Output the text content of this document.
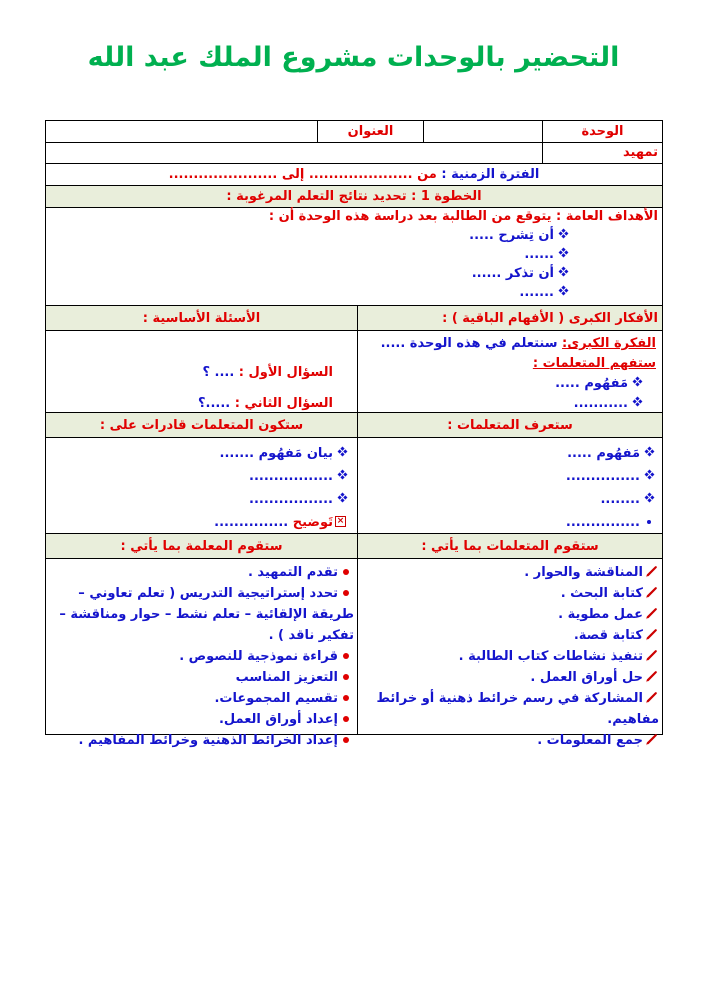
التحضير بالوحدات مشروع الملك عبد الله
الوحدة
العنوان
تمهيد
الفترة الزمنية : من ..................... إلى ......................
الخطوة 1 : تحديد نتائج التعلم المرغوبة :
الأهداف العامة : يتوقع من الطالبة بعد دراسة هذه الوحدة أن :
أن تِشرح .....
......
أن تذكر ......
.......
الأفكار الكبرى ( الأفهام الباقية ) :
الأسئلة الأساسية :
الفكرة الكبرى: سنتعلم في هذه الوحدة .....
ستفهم المتعلمات :
مَفهُوم .....
...........
السؤال الأول : .... ؟
السؤال الثاني : .....؟
ستعرف المتعلمات :
ستكون المتعلمات قادرات على :
مَفهُوم .....
...............
........
...............
بيان مَفهُوم .......
.................
.................
×تَوضيح ...............
ستقوم المتعلمات بما يأتي :
ستقوم المعلمة بما يأتي :
المناقشة والحوار .
كتابة البحث .
عمل مطوية .
كتابة قصة.
تنفيذ نشاطات كتاب الطالبة .
حل أوراق العمل .
المشاركة في رسم خرائط ذهنية أو خرائط مفاهيم.
جمع المعلومات .
تقدم التمهيد .
تحدد إستراتيجية التدريس ( تعلم تعاوني – طريقة الإلقائية – تعلم نشط – حوار ومناقشة – تفكير ناقد ) .
قراءة نموذجية للنصوص .
التعزيز المناسب
تقسيم المجموعات.
إعداد أوراق العمل.
إعداد الخرائط الذهنية وخرائط المفاهيم .
